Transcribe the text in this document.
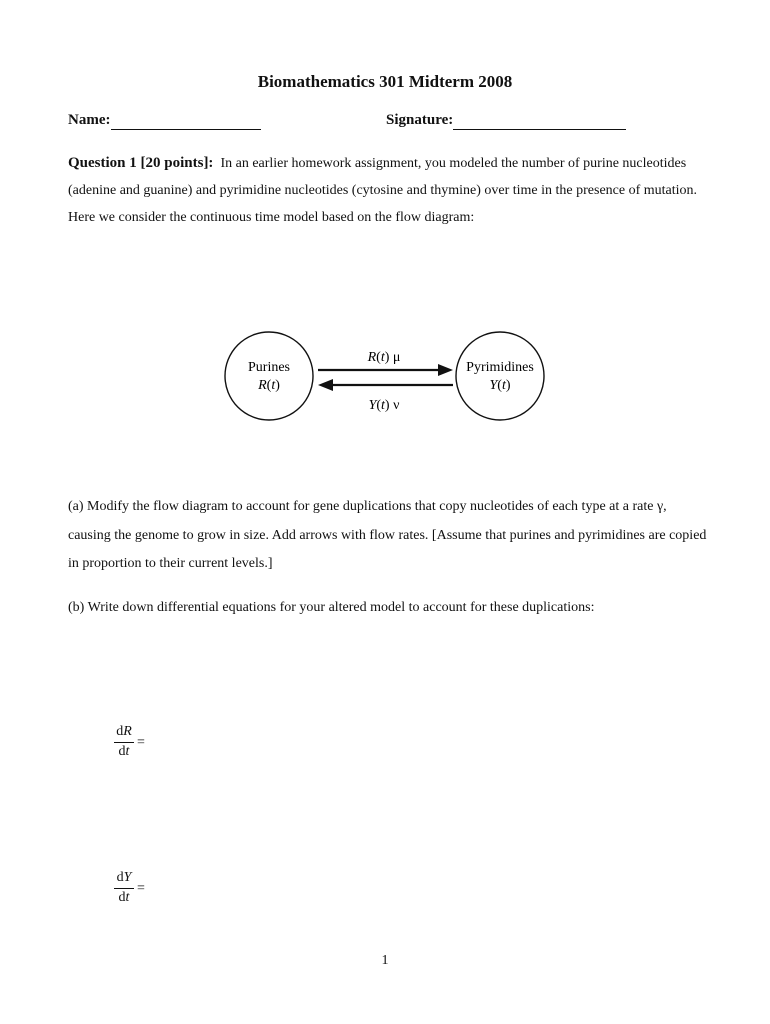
Biomathematics 301 Midterm 2008
Name:	Signature:
Question 1 [20 points]: In an earlier homework assignment, you modeled the number of purine nucleotides (adenine and guanine) and pyrimidine nucleotides (cytosine and thymine) over time in the presence of mutation. Here we consider the continuous time model based on the flow diagram:
Purines
R(t)
Pyrimidines
Y(t)
R(t) μ
Y(t) ν
(a) Modify the flow diagram to account for gene duplications that copy nucleotides of each type at a rate γ, causing the genome to grow in size. Add arrows with flow rates. [Assume that purines and pyrimidines are copied in proportion to their current levels.]
(b) Write down differential equations for your altered model to account for these duplications:
dR
dt
=
dY
dt
=
1
